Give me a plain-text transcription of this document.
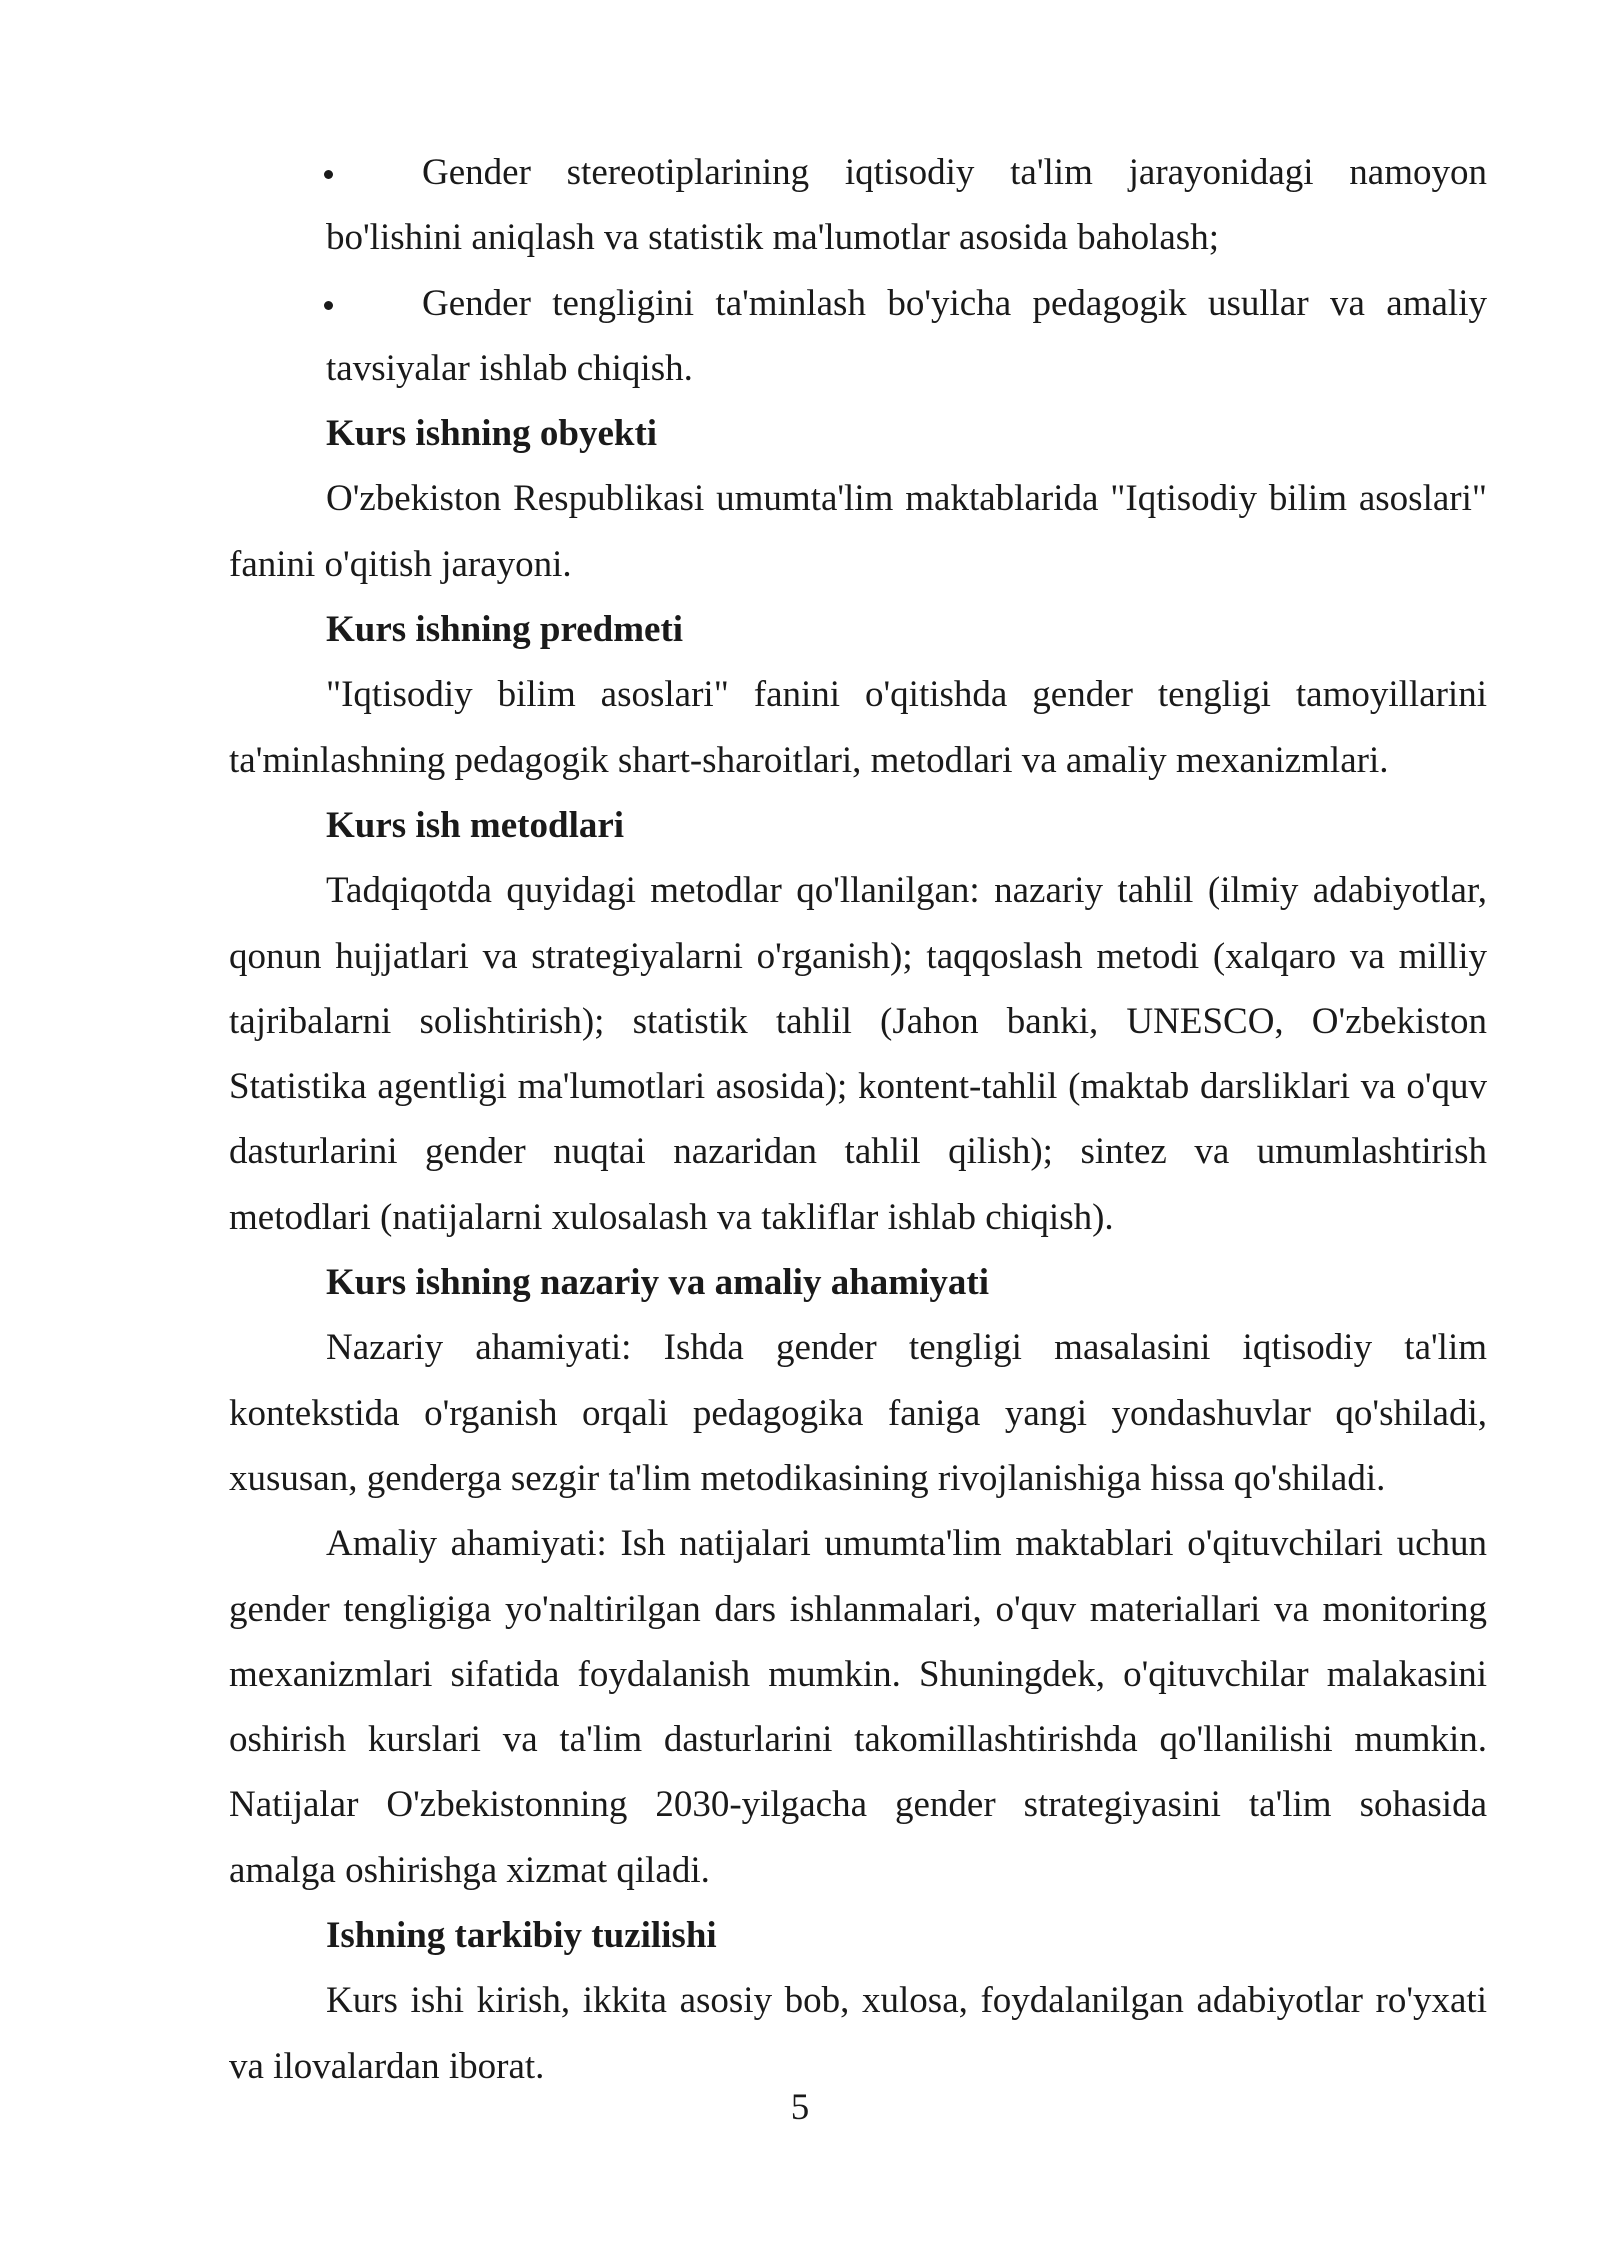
Gender stereotiplarining iqtisodiy ta'lim jarayonidagi namoyon bo'lishini aniqlash va statistik ma'lumotlar asosida baholash;
Gender tengligini ta'minlash bo'yicha pedagogik usullar va amaliy tavsiyalar ishlab chiqish.
Kurs ishning obyekti
O'zbekiston Respublikasi umumta'lim maktablarida "Iqtisodiy bilim asoslari" fanini o'qitish jarayoni.
Kurs ishning predmeti
"Iqtisodiy bilim asoslari" fanini o'qitishda gender tengligi tamoyillarini ta'minlashning pedagogik shart-sharoitlari, metodlari va amaliy mexanizmlari.
Kurs ish metodlari
Tadqiqotda quyidagi metodlar qo'llanilgan: nazariy tahlil (ilmiy adabiyotlar, qonun hujjatlari va strategiyalarni o'rganish); taqqoslash metodi (xalqaro va milliy tajribalarni solishtirish); statistik tahlil (Jahon banki, UNESCO, O'zbekiston Statistika agentligi ma'lumotlari asosida); kontent-tahlil (maktab darsliklari va o'quv dasturlarini gender nuqtai nazaridan tahlil qilish); sintez va umumlashtirish metodlari (natijalarni xulosalash va takliflar ishlab chiqish).
Kurs ishning nazariy va amaliy ahamiyati
Nazariy ahamiyati: Ishda gender tengligi masalasini iqtisodiy ta'lim kontekstida o'rganish orqali pedagogika faniga yangi yondashuvlar qo'shiladi, xususan, genderga sezgir ta'lim metodikasining rivojlanishiga hissa qo'shiladi.
Amaliy ahamiyati: Ish natijalari umumta'lim maktablari o'qituvchilari uchun gender tengligiga yo'naltirilgan dars ishlanmalari, o'quv materiallari va monitoring mexanizmlari sifatida foydalanish mumkin. Shuningdek, o'qituvchilar malakasini oshirish kurslari va ta'lim dasturlarini takomillashtirishda qo'llanilishi mumkin. Natijalar O'zbekistonning 2030-yilgacha gender strategiyasini ta'lim sohasida amalga oshirishga xizmat qiladi.
Ishning tarkibiy tuzilishi
Kurs ishi kirish, ikkita asosiy bob, xulosa, foydalanilgan adabiyotlar ro'yxati va ilovalardan iborat.
5
